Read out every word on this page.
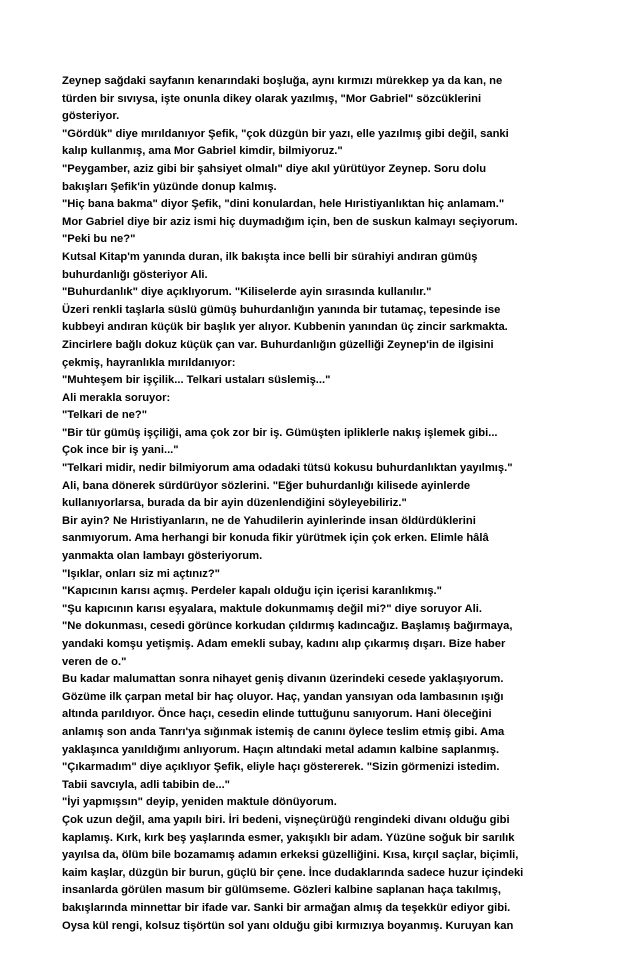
Zeynep sağdaki sayfanın kenarındaki boşluğa, aynı kırmızı mürekkep ya da kan, ne
türden bir sıvıysa, işte onunla dikey olarak yazılmış, "Mor Gabriel" sözcüklerini
gösteriyor.
"Gördük" diye mırıldanıyor Şefik, "çok düzgün bir yazı, elle yazılmış gibi değil, sanki
kalıp kullanmış, ama Mor Gabriel kimdir, bilmiyoruz."
"Peygamber, aziz gibi bir şahsiyet olmalı" diye akıl yürütüyor Zeynep. Soru dolu
bakışları Şefik'in yüzünde donup kalmış.
"Hiç bana bakma" diyor Şefik, "dini konulardan, hele Hıristiyanlıktan hiç anlamam."
Mor Gabriel diye bir aziz ismi hiç duymadığım için, ben de suskun kalmayı seçiyorum.
"Peki bu ne?"
Kutsal Kitap'm yanında duran, ilk bakışta ince belli bir sürahiyi andıran gümüş
buhurdanlığı gösteriyor Ali.
"Buhurdanlık" diye açıklıyorum. "Kiliselerde ayin sırasında kullanılır."
Üzeri renkli taşlarla süslü gümüş buhurdanlığın yanında bir tutamaç, tepesinde ise
kubbeyi andıran küçük bir başlık yer alıyor. Kubbenin yanından üç zincir sarkmakta.
Zincirlere bağlı dokuz küçük çan var. Buhurdanlığın güzelliği Zeynep'in de ilgisini
çekmiş, hayranlıkla mırıldanıyor:
"Muhteşem bir işçilik... Telkari ustaları süslemiş..."
Ali merakla soruyor:
"Telkari de ne?"
"Bir tür gümüş işçiliği, ama çok zor bir iş. Gümüşten ipliklerle nakış işlemek gibi...
Çok ince bir iş yani..."
"Telkari midir, nedir bilmiyorum ama odadaki tütsü kokusu buhurdanlıktan yayılmış."
Ali, bana dönerek sürdürüyor sözlerini. "Eğer buhurdanlığı kilisede ayinlerde
kullanıyorlarsa, burada da bir ayin düzenlendiğini söyleyebiliriz."
Bir ayin? Ne Hıristiyanların, ne de Yahudilerin ayinlerinde insan öldürdüklerini
sanmıyorum. Ama herhangi bir konuda fikir yürütmek için çok erken. Elimle hâlâ
yanmakta olan lambayı gösteriyorum.
"Işıklar, onları siz mi açtınız?"
"Kapıcının karısı açmış. Perdeler kapalı olduğu için içerisi karanlıkmış."
"Şu kapıcının karısı eşyalara, maktule dokunmamış değil mi?" diye soruyor Ali.
"Ne dokunması, cesedi görünce korkudan çıldırmış kadıncağız. Başlamış bağırmaya,
yandaki komşu yetişmiş. Adam emekli subay, kadını alıp çıkarmış dışarı. Bize haber
veren de o."
Bu kadar malumattan sonra nihayet geniş divanın üzerindeki cesede yaklaşıyorum.
Gözüme ilk çarpan metal bir haç oluyor. Haç, yandan yansıyan oda lambasının ışığı
altında parıldıyor. Önce haçı, cesedin elinde tuttuğunu sanıyorum. Hani öleceğini
anlamış son anda Tanrı'ya sığınmak istemiş de canını öylece teslim etmiş gibi. Ama
yaklaşınca yanıldığımı anlıyorum. Haçın altındaki metal adamın kalbine saplanmış.
"Çıkarmadım" diye açıklıyor Şefik, eliyle haçı göstererek. "Sizin görmenizi istedim.
Tabii savcıyla, adli tabibin de..."
"İyi yapmışsın" deyip, yeniden maktule dönüyorum.
Çok uzun değil, ama yapılı biri. İri bedeni, vişneçürüğü rengindeki divanı olduğu gibi
kaplamış. Kırk, kırk beş yaşlarında esmer, yakışıklı bir adam. Yüzüne soğuk bir sarılık
yayılsa da, ölüm bile bozamamış adamın erkeksi güzelliğini. Kısa, kırçıl saçlar, biçimli,
kaim kaşlar, düzgün bir burun, güçlü bir çene. İnce dudaklarında sadece huzur içindeki
insanlarda görülen masum bir gülümseme. Gözleri kalbine saplanan haça takılmış,
bakışlarında minnettar bir ifade var. Sanki bir armağan almış da teşekkür ediyor gibi.
Oysa kül rengi, kolsuz tişörtün sol yanı olduğu gibi kırmızıya boyanmış. Kuruyan kan
